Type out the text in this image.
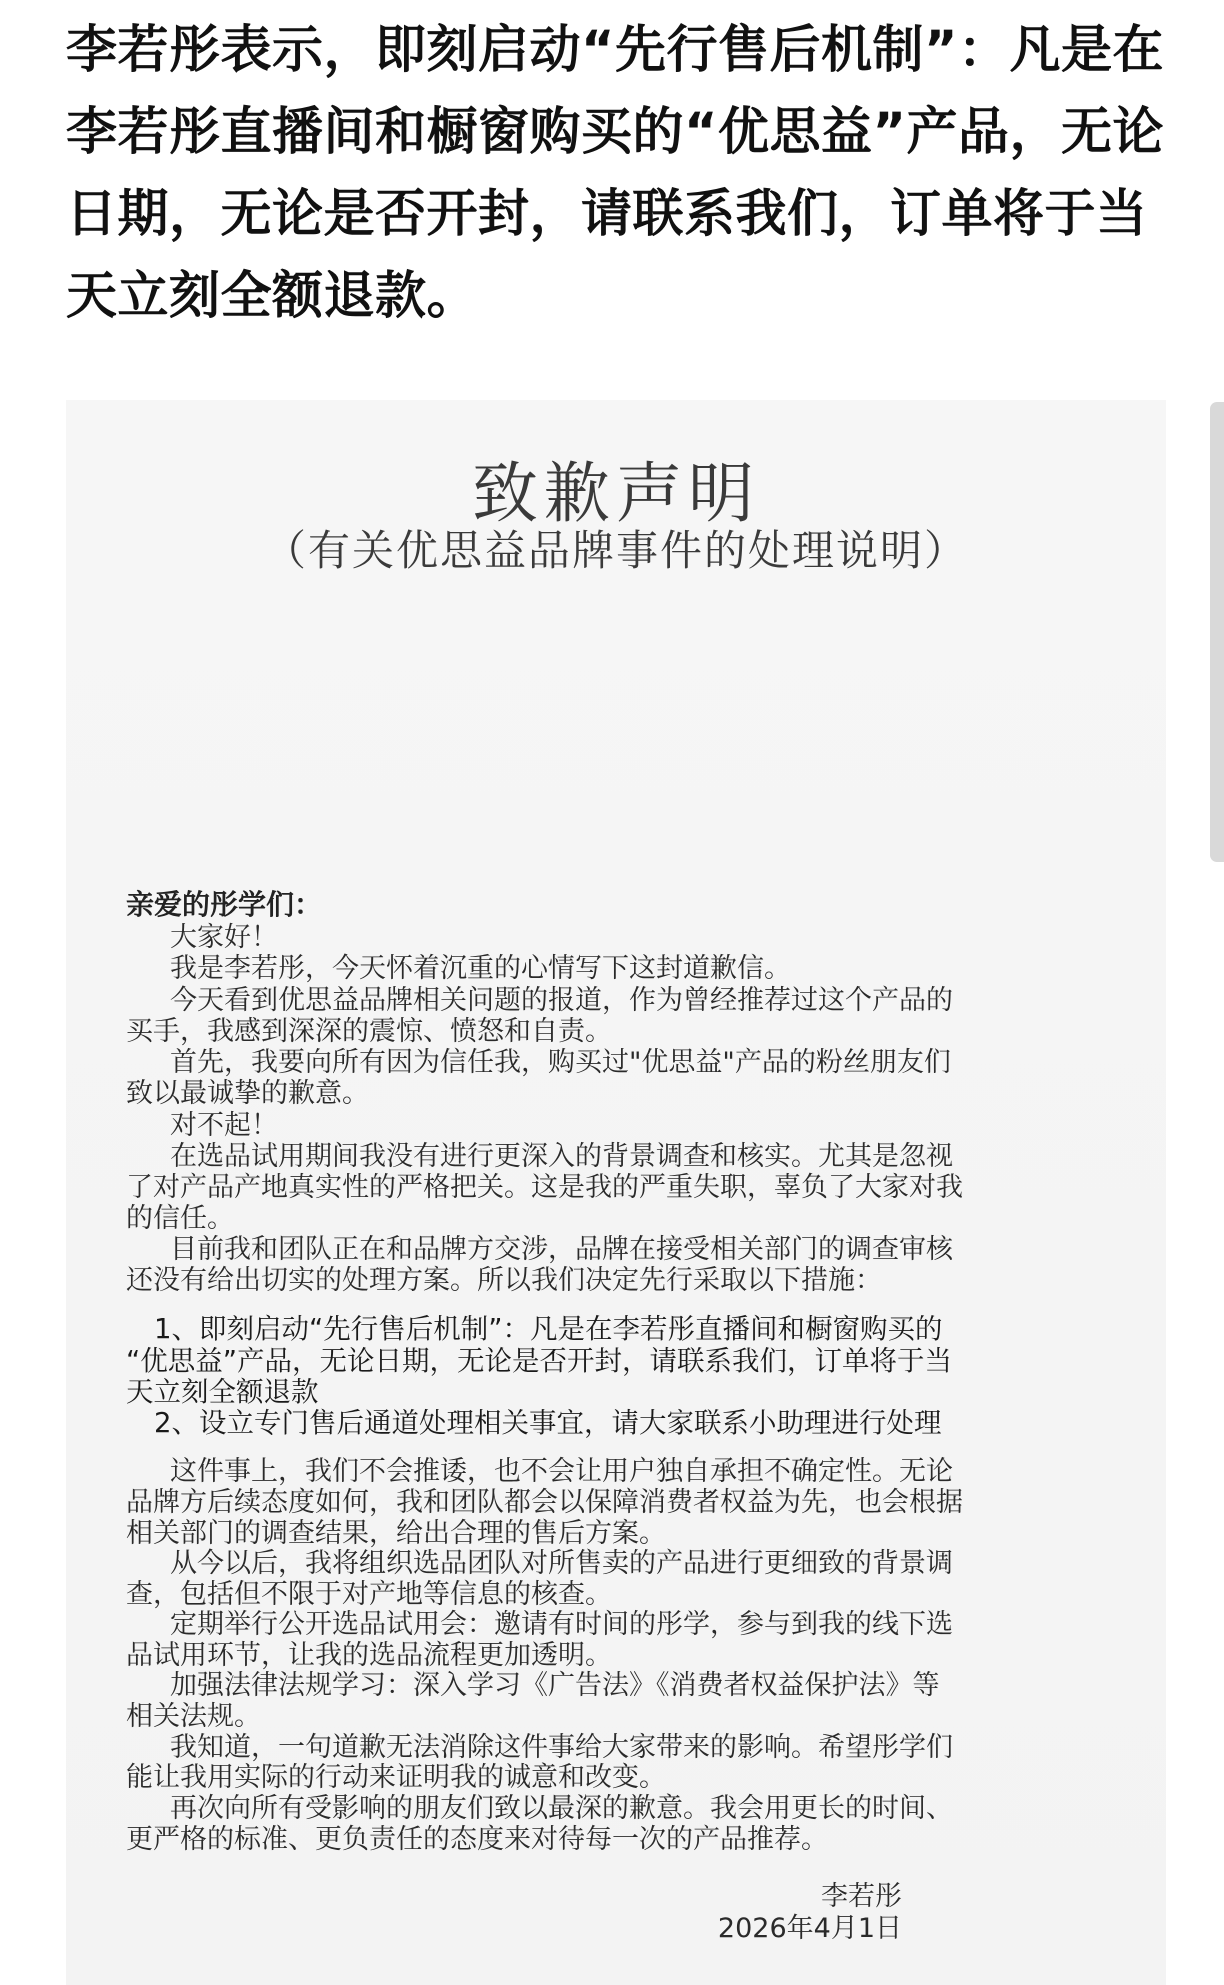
李若彤表示，即刻启动“先行售后机制”：凡是在李若彤直播间和橱窗购买的“优思益”产品，无论日期，无论是否开封，请联系我们，订单将于当天立刻全额退款。

致歉声明

（有关优思益品牌事件的处理说明）

亲爱的彤学们：

大家好！

我是李若彤，今天怀着沉重的心情写下这封道歉信。

今天看到优思益品牌相关问题的报道，作为曾经推荐过这个产品的

买手，我感到深深的震惊、愤怒和自责。

首先，我要向所有因为信任我，购买过"优思益"产品的粉丝朋友们

致以最诚挚的歉意。

对不起！

在选品试用期间我没有进行更深入的背景调查和核实。尤其是忽视

了对产品产地真实性的严格把关。这是我的严重失职，辜负了大家对我

的信任。

目前我和团队正在和品牌方交涉，品牌在接受相关部门的调查审核

还没有给出切实的处理方案。所以我们决定先行采取以下措施：

1、即刻启动“先行售后机制”：凡是在李若彤直播间和橱窗购买的

“优思益”产品，无论日期，无论是否开封，请联系我们，订单将于当

天立刻全额退款

2、设立专门售后通道处理相关事宜，请大家联系小助理进行处理

这件事上，我们不会推诿，也不会让用户独自承担不确定性。无论

品牌方后续态度如何，我和团队都会以保障消费者权益为先，也会根据

相关部门的调查结果，给出合理的售后方案。

从今以后，我将组织选品团队对所售卖的产品进行更细致的背景调

查，包括但不限于对产地等信息的核查。

定期举行公开选品试用会：邀请有时间的彤学，参与到我的线下选

品试用环节，让我的选品流程更加透明。

加强法律法规学习：深入学习《广告法》《消费者权益保护法》等

相关法规。

我知道，一句道歉无法消除这件事给大家带来的影响。希望彤学们

能让我用实际的行动来证明我的诚意和改变。

再次向所有受影响的朋友们致以最深的歉意。我会用更长的时间、

更严格的标准、更负责任的态度来对待每一次的产品推荐。

李若彤

2026年4月1日
